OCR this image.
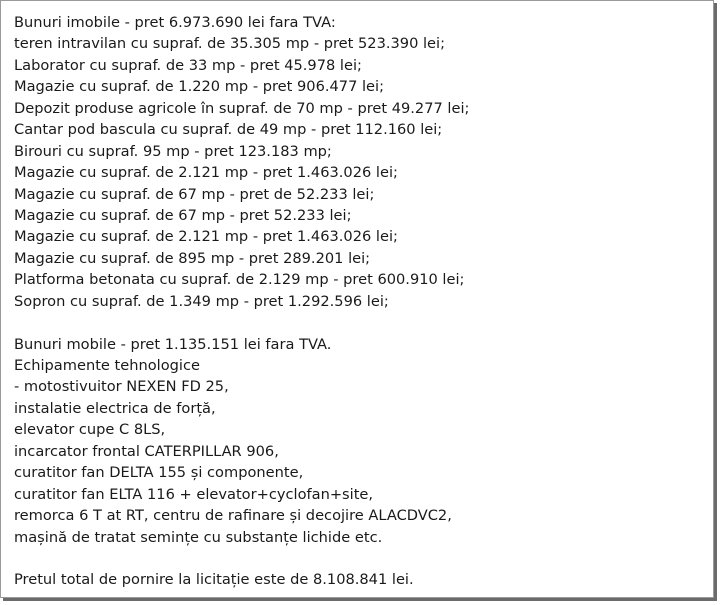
Bunuri imobile - pret 6.973.690 lei fara TVA:
teren intravilan cu supraf. de 35.305 mp - pret 523.390 lei;
Laborator cu supraf. de 33 mp - pret 45.978 lei;
Magazie cu supraf. de 1.220 mp - pret 906.477 lei;
Depozit produse agricole în supraf. de 70 mp - pret 49.277 lei;
Cantar pod bascula cu supraf. de 49 mp - pret 112.160 lei;
Birouri cu supraf. 95 mp - pret 123.183 mp;
Magazie cu supraf. de 2.121 mp - pret 1.463.026 lei;
Magazie cu supraf. de 67 mp - pret de 52.233 lei;
Magazie cu supraf. de 67 mp - pret 52.233 lei;
Magazie cu supraf. de 2.121 mp - pret 1.463.026 lei;
Magazie cu supraf. de 895 mp - pret 289.201 lei;
Platforma betonata cu supraf. de 2.129 mp - pret 600.910 lei;
Sopron cu supraf. de 1.349 mp - pret 1.292.596 lei;
Bunuri mobile - pret 1.135.151 lei fara TVA.
Echipamente tehnologice
- motostivuitor NEXEN FD 25,
instalatie electrica de forță,
elevator cupe C 8LS,
incarcator frontal CATERPILLAR 906,
curatitor fan DELTA 155 și componente,
curatitor fan ELTA 116 + elevator+cyclofan+site,
remorca 6 T at RT, centru de rafinare și decojire ALACDVC2,
mașină de tratat semințe cu substanțe lichide etc.
Pretul total de pornire la licitație este de 8.108.841 lei.
